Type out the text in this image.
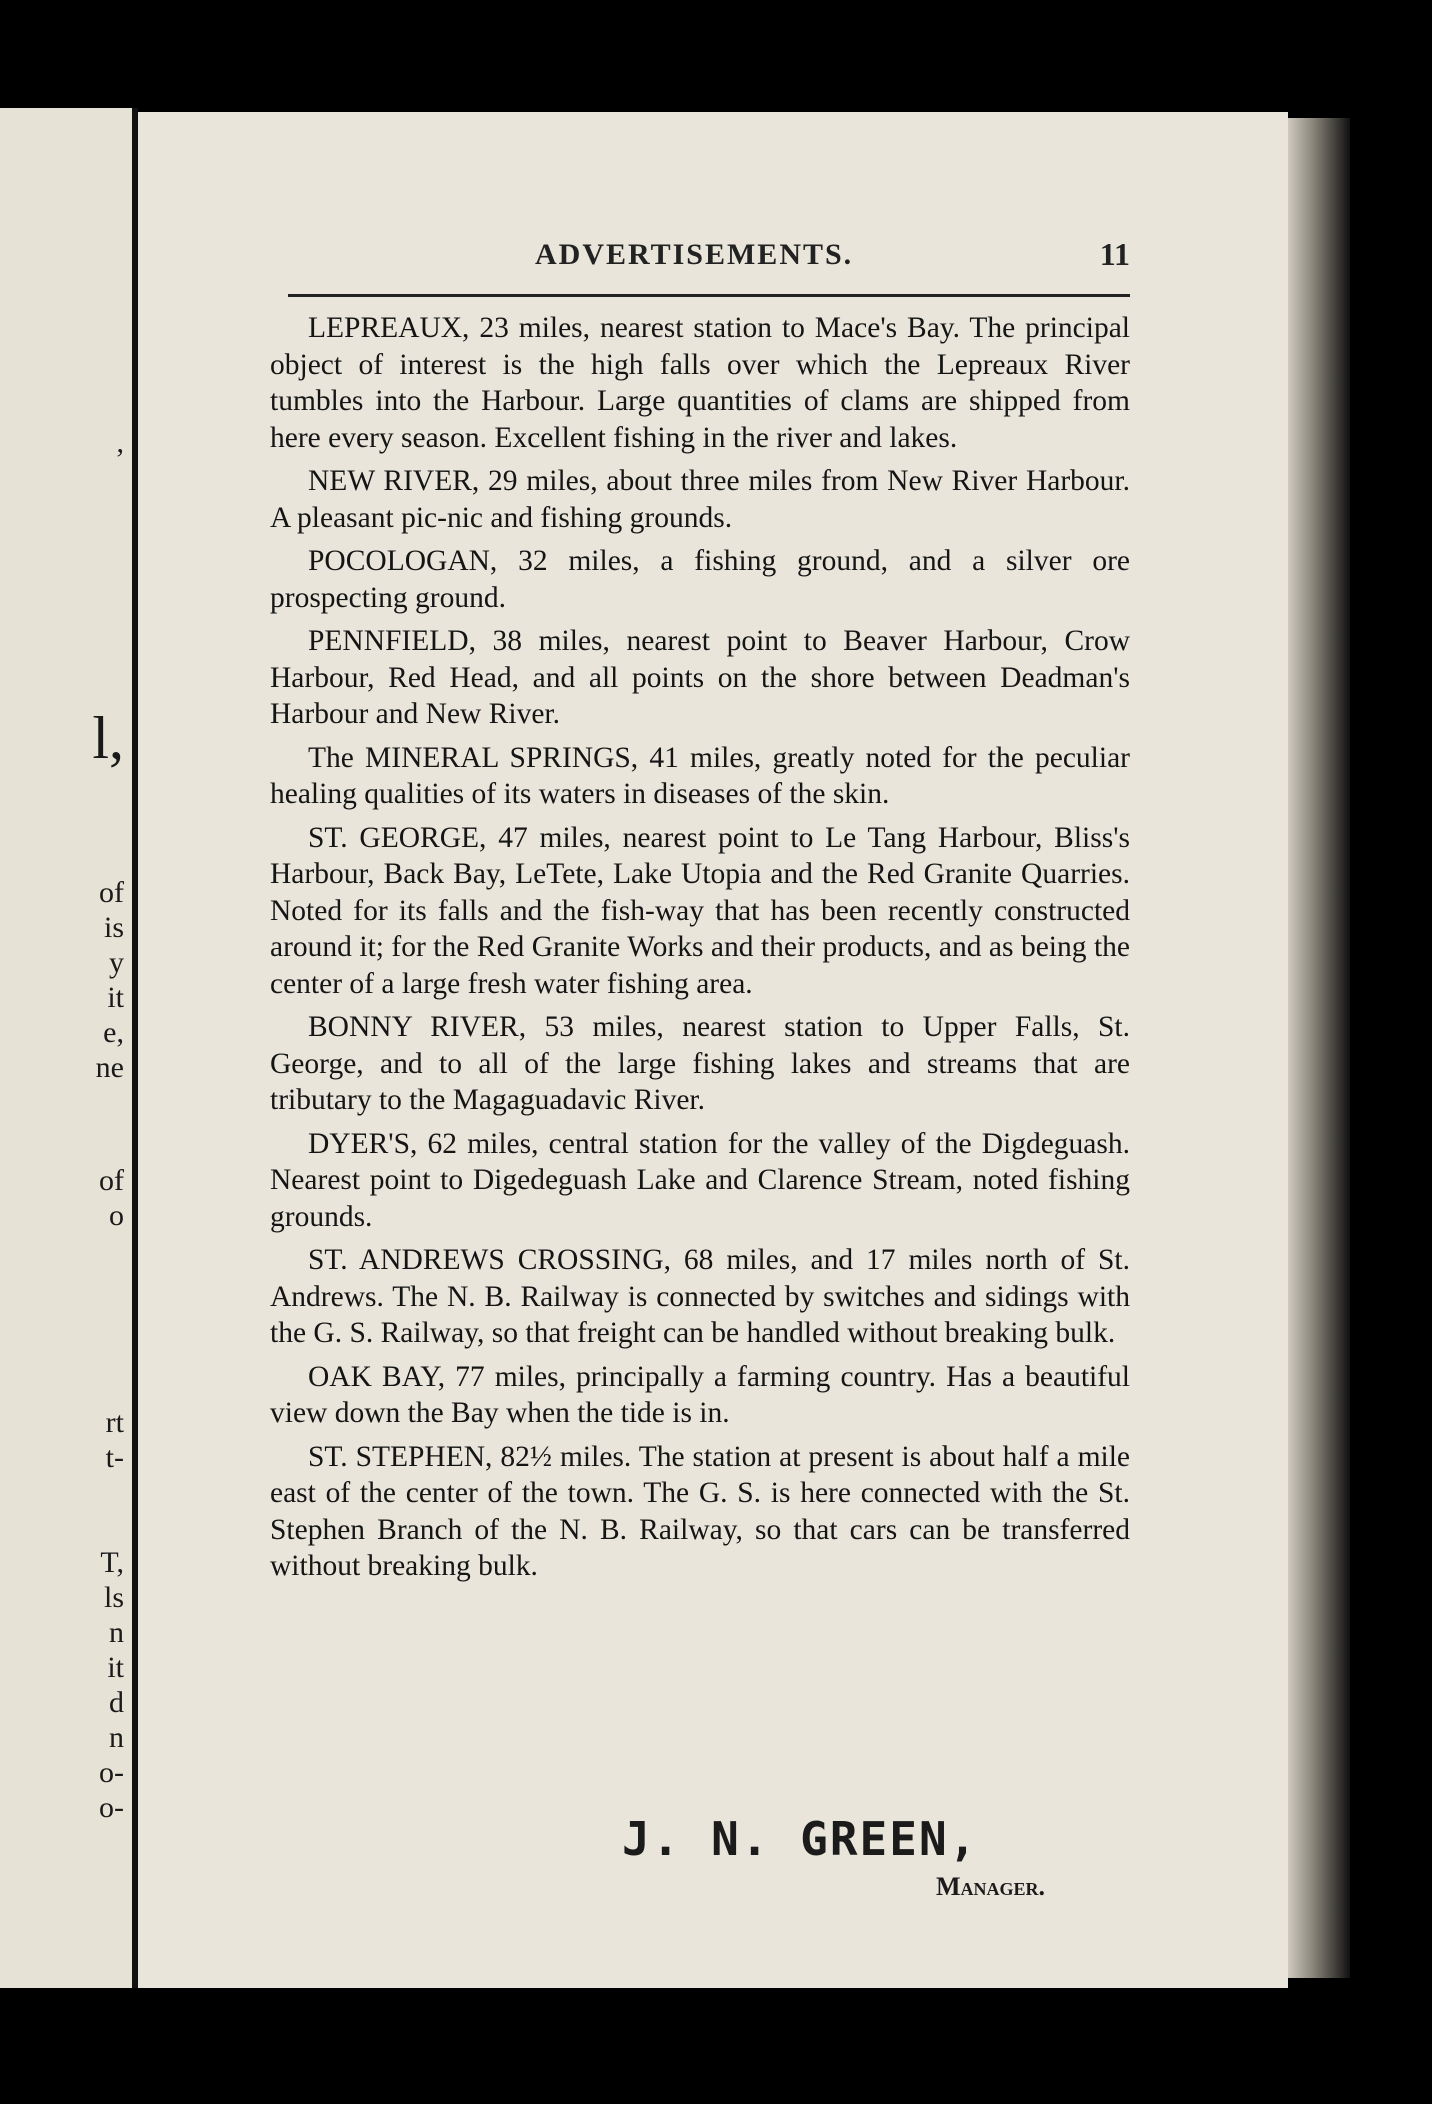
,
l,
of
is
y
it
e,
ne
of
o
rt
t-
T,
ls
n
it
d
n
o-
o-
ADVERTISEMENTS.	11

LEPREAUX, 23 miles, nearest station to Mace's Bay. The principal object of interest is the high falls over which the Lepreaux River tumbles into the Harbour. Large quantities of clams are shipped from here every season. Excellent fishing in the river and lakes.

NEW RIVER, 29 miles, about three miles from New River Harbour. A pleasant pic-nic and fishing grounds.

POCOLOGAN, 32 miles, a fishing ground, and a silver ore prospecting ground.

PENNFIELD, 38 miles, nearest point to Beaver Harbour, Crow Harbour, Red Head, and all points on the shore between Deadman's Harbour and New River.

The MINERAL SPRINGS, 41 miles, greatly noted for the peculiar healing qualities of its waters in diseases of the skin.

ST. GEORGE, 47 miles, nearest point to Le Tang Harbour, Bliss's Harbour, Back Bay, LeTete, Lake Utopia and the Red Granite Quarries. Noted for its falls and the fish-way that has been recently constructed around it; for the Red Granite Works and their products, and as being the center of a large fresh water fishing area.

BONNY RIVER, 53 miles, nearest station to Upper Falls, St. George, and to all of the large fishing lakes and streams that are tributary to the Magaguadavic River.

DYER'S, 62 miles, central station for the valley of the Digdeguash. Nearest point to Digedeguash Lake and Clarence Stream, noted fishing grounds.

ST. ANDREWS CROSSING, 68 miles, and 17 miles north of St. Andrews. The N. B. Railway is connected by switches and sidings with the G. S. Railway, so that freight can be handled without breaking bulk.

OAK BAY, 77 miles, principally a farming country. Has a beautiful view down the Bay when the tide is in.

ST. STEPHEN, 82½ miles. The station at present is about half a mile east of the center of the town. The G. S. is here connected with the St. Stephen Branch of the N. B. Railway, so that cars can be transferred without breaking bulk.

J. N. GREEN,
Manager.
